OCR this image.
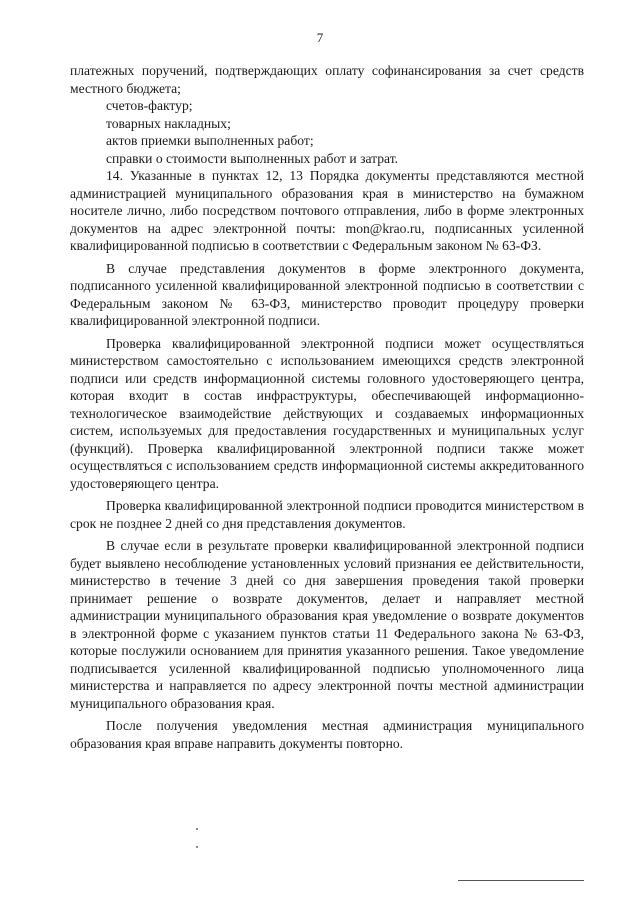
7

платежных поручений, подтверждающих оплату софинансирования за счет средств местного бюджета;

счетов-фактур;

товарных накладных;

актов приемки выполненных работ;

справки о стоимости выполненных работ и затрат.

14. Указанные в пунктах 12, 13 Порядка документы представляются местной администрацией муниципального образования края в министерство на бумажном носителе лично, либо посредством почтового отправления, либо в форме электронных документов на адрес электронной почты: mon@krao.ru, подписанных усиленной квалифицированной подписью в соответствии с Федеральным законом № 63-ФЗ.

В случае представления документов в форме электронного документа, подписанного усиленной квалифицированной электронной подписью в соответствии с Федеральным законом № 63-ФЗ, министерство проводит процедуру проверки квалифицированной электронной подписи.

Проверка квалифицированной электронной подписи может осуществляться министерством самостоятельно с использованием имеющихся средств электронной подписи или средств информационной системы головного удостоверяющего центра, которая входит в состав инфраструктуры, обеспечивающей информационно-технологическое взаимодействие действующих и создаваемых информационных систем, используемых для предоставления государственных и муниципальных услуг (функций). Проверка квалифицированной электронной подписи также может осуществляться с использованием средств информационной системы аккредитованного удостоверяющего центра.

Проверка квалифицированной электронной подписи проводится министерством в срок не позднее 2 дней со дня представления документов.

В случае если в результате проверки квалифицированной электронной подписи будет выявлено несоблюдение установленных условий признания ее действительности, министерство в течение 3 дней со дня завершения проведения такой проверки принимает решение о возврате документов, делает и направляет местной администрации муниципального образования края уведомление о возврате документов в электронной форме с указанием пунктов статьи 11 Федерального закона № 63-ФЗ, которые послужили основанием для принятия указанного решения. Такое уведомление подписывается усиленной квалифицированной подписью уполномоченного лица министерства и направляется по адресу электронной почты местной администрации муниципального образования края.

После получения уведомления местная администрация муниципального образования края вправе направить документы повторно.
